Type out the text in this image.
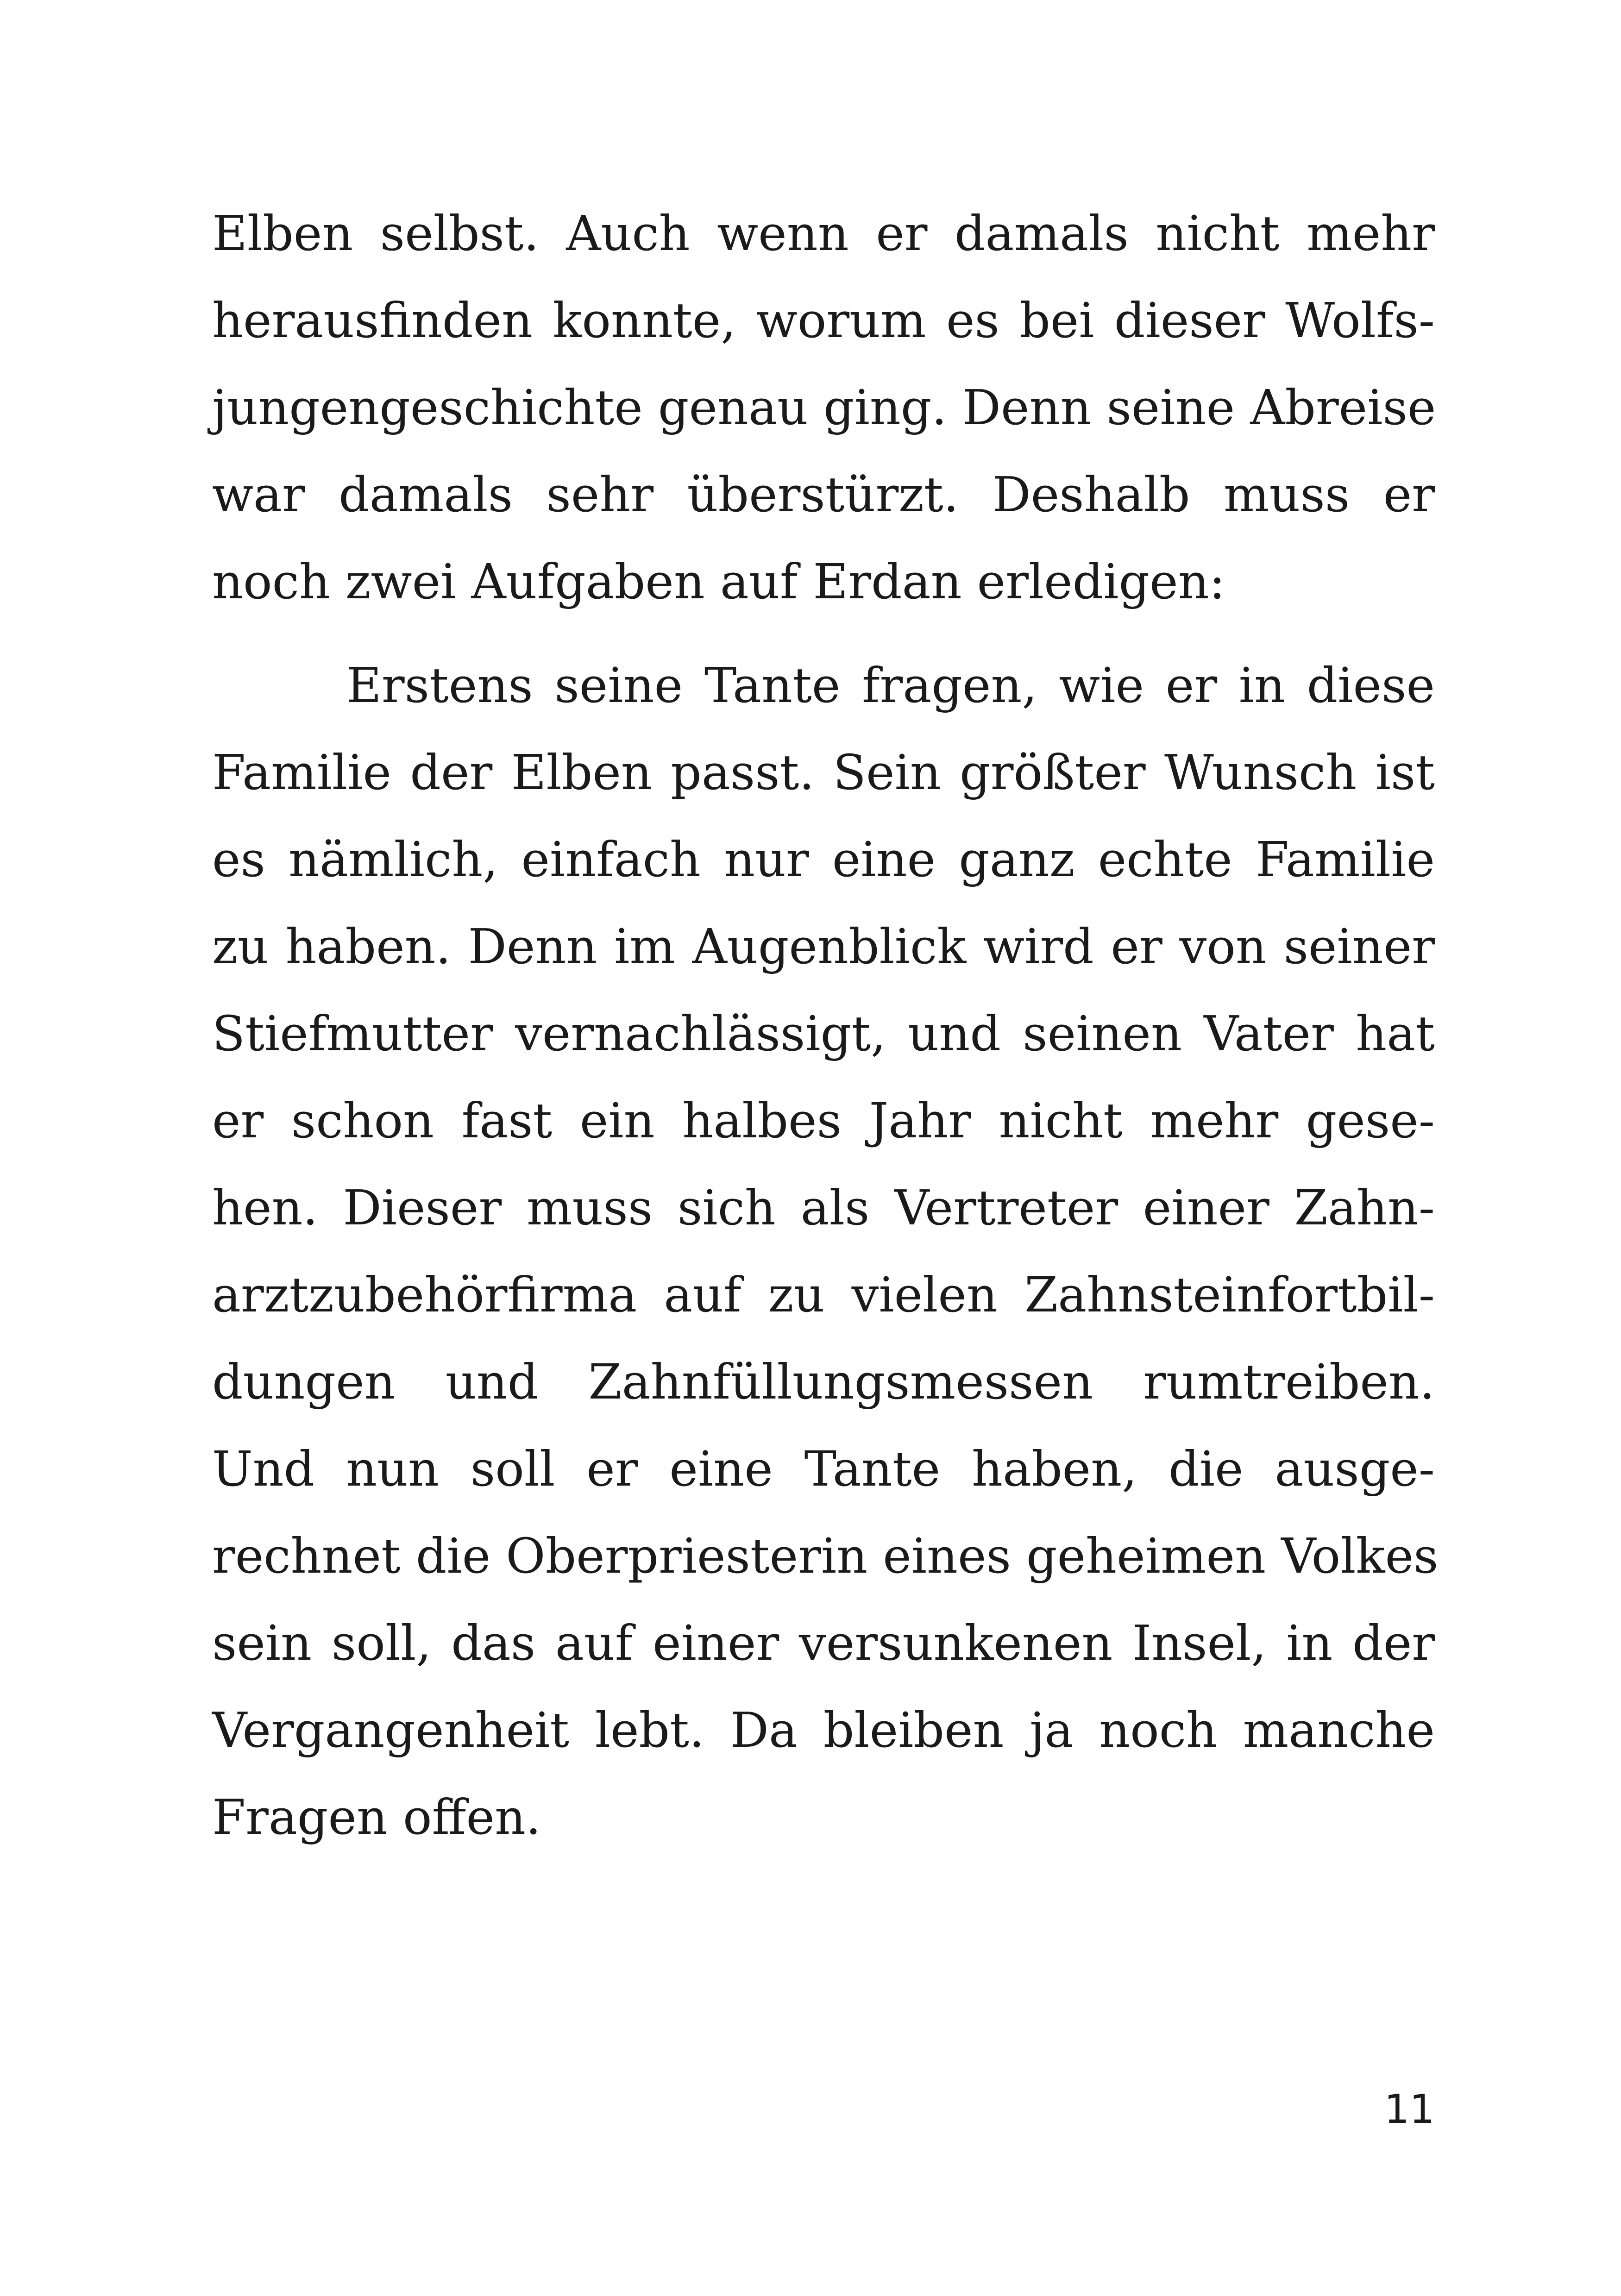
Elben selbst. Auch wenn er damals nicht mehr
herausfinden konnte, worum es bei dieser Wolfs-
jungengeschichte genau ging. Denn seine Abreise
war damals sehr überstürzt. Deshalb muss er
noch zwei Aufgaben auf Erdan erledigen:
Erstens seine Tante fragen, wie er in diese
Familie der Elben passt. Sein größter Wunsch ist
es nämlich, einfach nur eine ganz echte Familie
zu haben. Denn im Augenblick wird er von seiner
Stiefmutter vernachlässigt, und seinen Vater hat
er schon fast ein halbes Jahr nicht mehr gese-
hen. Dieser muss sich als Vertreter einer Zahn-
arztzubehörfirma auf zu vielen Zahnsteinfortbil-
dungen und Zahnfüllungsmessen rumtreiben.
Und nun soll er eine Tante haben, die ausge-
rechnet die Oberpriesterin eines geheimen Volkes
sein soll, das auf einer versunkenen Insel, in der
Vergangenheit lebt. Da bleiben ja noch manche
Fragen offen.
11
